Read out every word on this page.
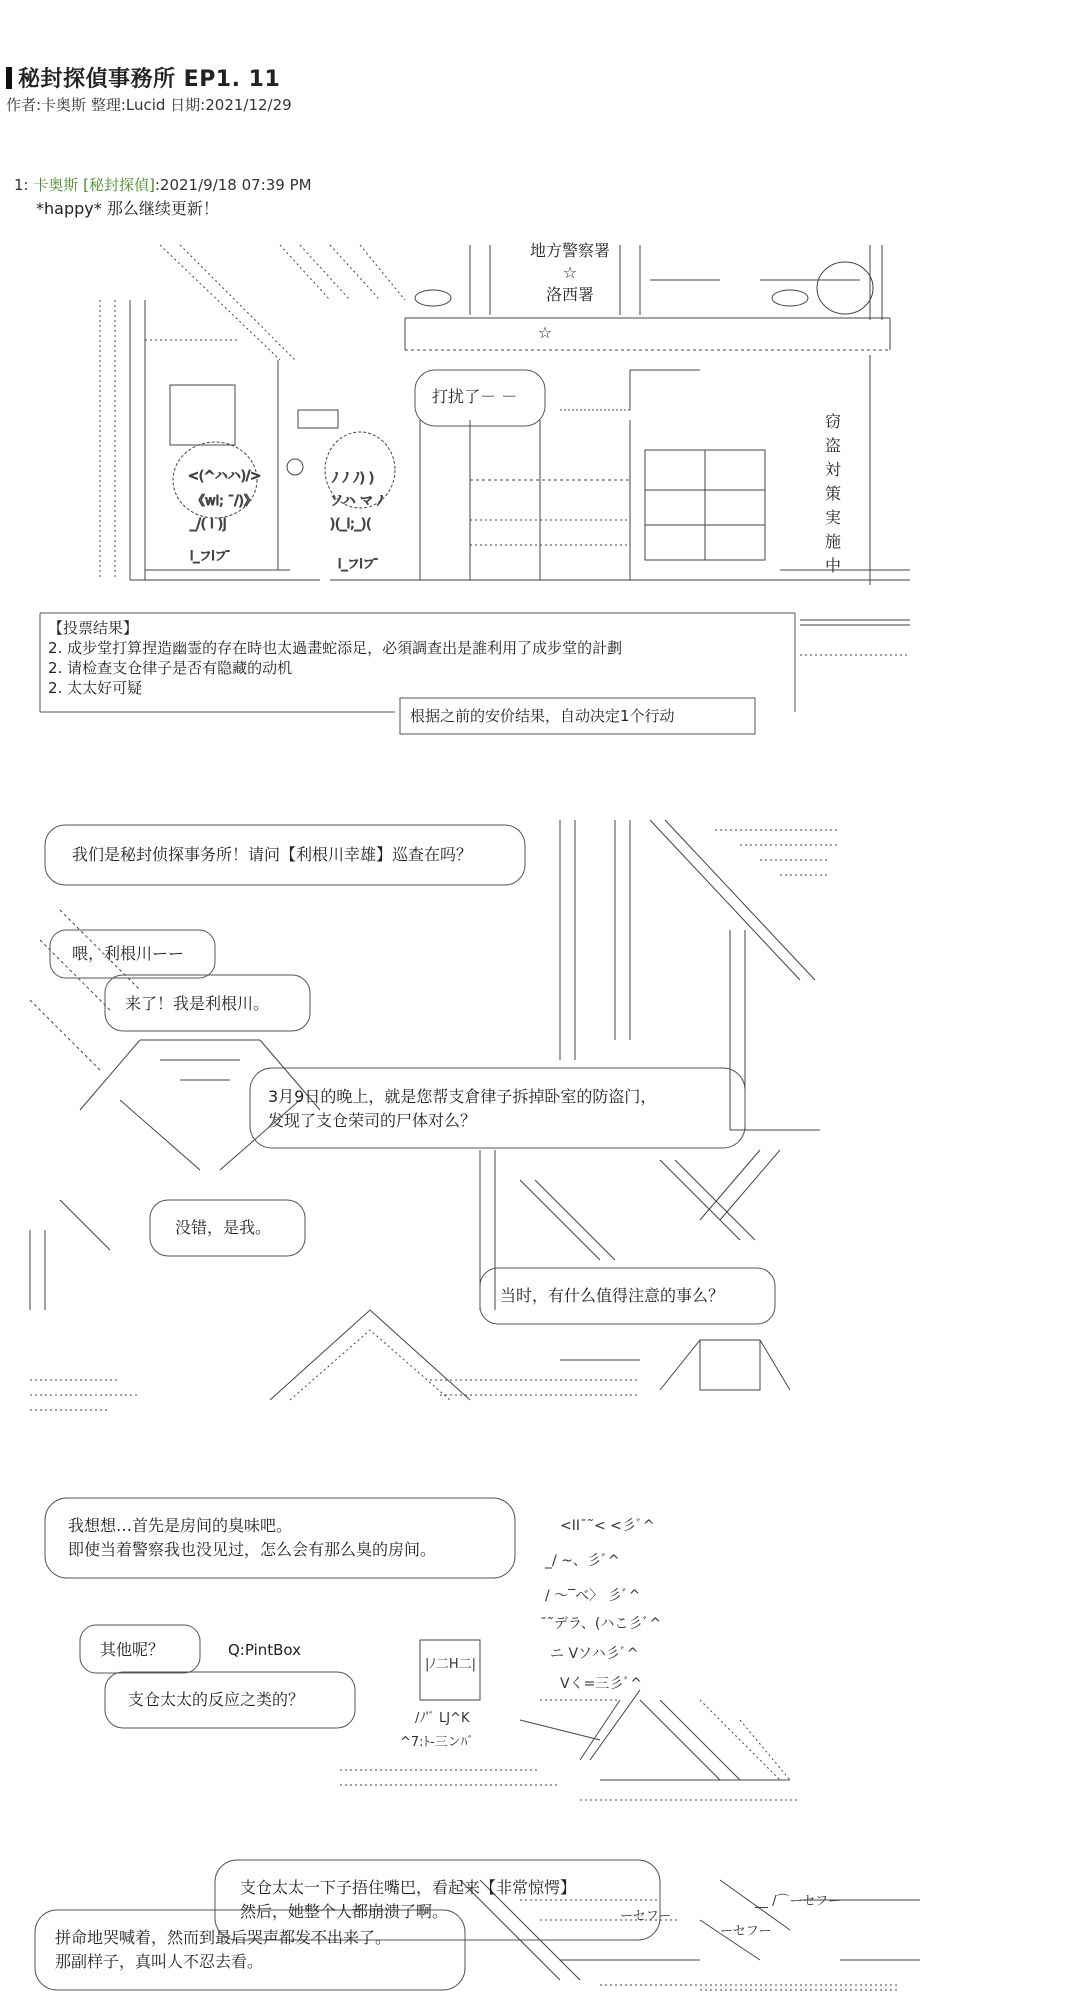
秘封探偵事務所 EP1. 11
作者:卡奥斯 整理:Lucid 日期:2021/12/29
1: 卡奥斯 [秘封探偵]:2021/9/18 07:39 PM
*happy* 那么继续更新！
<(^ハハ)/>
《wi; ˉ/)》
_/( i )j
ﾉ ﾉ ﾉ) )
ソハ マ ﾉ
)(_i;_)(
i_フiフ ̄
i_フiフ ̄
<IIˉ˜< <彡ﾞ^
_/ ~、彡ﾞ^
/ ～‾ベ〉 彡ﾞ^
ˉ˜デラ、(ハこ彡ﾞ^
ニ Vソハ彡ﾞ^
Vく=三彡ﾞ^
|ﾉ二H二|
/ﾉ'ﾞ LJ^K
^7:ﾄ-三ンﾊﾞ
__ /⌒ーセフー
ーセフー
ーセフー
地方警察署
☆
洛西署
☆
窃盗対策実施中
打扰了－ －
【投票结果】
2. 成步堂打算捏造幽霊的存在時也太過畫蛇添足，必須調查出是誰利用了成步堂的計劃
2. 请检查支仓律子是否有隐藏的动机
2. 太太好可疑
根据之前的安价结果，自动决定1个行动
我们是秘封侦探事务所！请问【利根川幸雄】巡查在吗？
喂，利根川ーー
来了！我是利根川。
3月9日的晚上，就是您帮支倉律子拆掉卧室的防盗门，
发现了支仓荣司的尸体对么？
没错，是我。
当时，有什么值得注意的事么？
我想想…首先是房间的臭味吧。
即使当着警察我也没见过，怎么会有那么臭的房间。
其他呢？	Q:PintBox
支仓太太的反应之类的？
支仓太太一下子捂住嘴巴，看起来【非常惊愕】
然后，她整个人都崩溃了啊。
拼命地哭喊着，然而到最后哭声都发不出来了。
那副样子，真叫人不忍去看。
